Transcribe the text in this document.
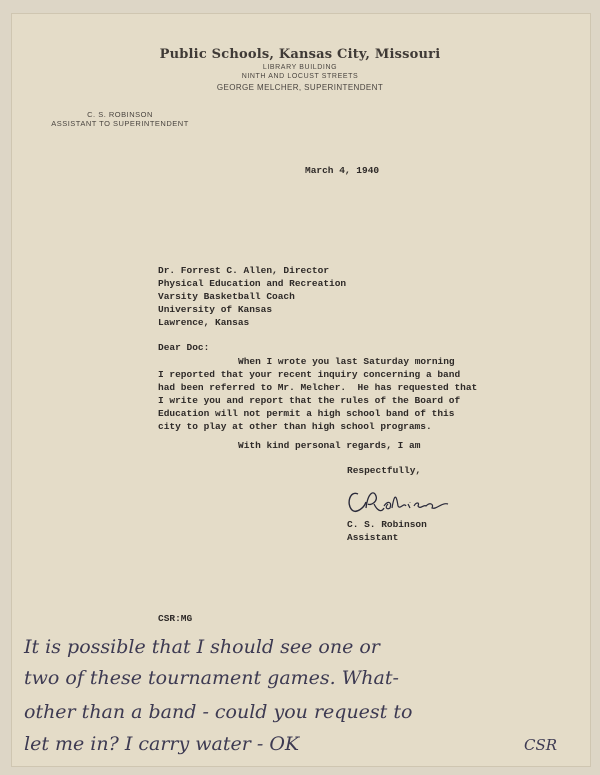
Public Schools, Kansas City, Missouri
LIBRARY BUILDING
NINTH AND LOCUST STREETS
GEORGE MELCHER, SUPERINTENDENT
C. S. ROBINSON
ASSISTANT TO SUPERINTENDENT
March 4, 1940
Dr. Forrest C. Allen, Director
Physical Education and Recreation
Varsity Basketball Coach
University of Kansas
Lawrence, Kansas
Dear Doc:
When I wrote you last Saturday morning
I reported that your recent inquiry concerning a band
had been referred to Mr. Melcher.  He has requested that
I write you and report that the rules of the Board of
Education will not permit a high school band of this
city to play at other than high school programs.
With kind personal regards, I am
Respectfully,
C. S. Robinson
Assistant
CSR:MG
It is possible that I should see one or
two of these tournament games. What-
other than a band - could you request to
let me in? I carry water - OK	CSR
